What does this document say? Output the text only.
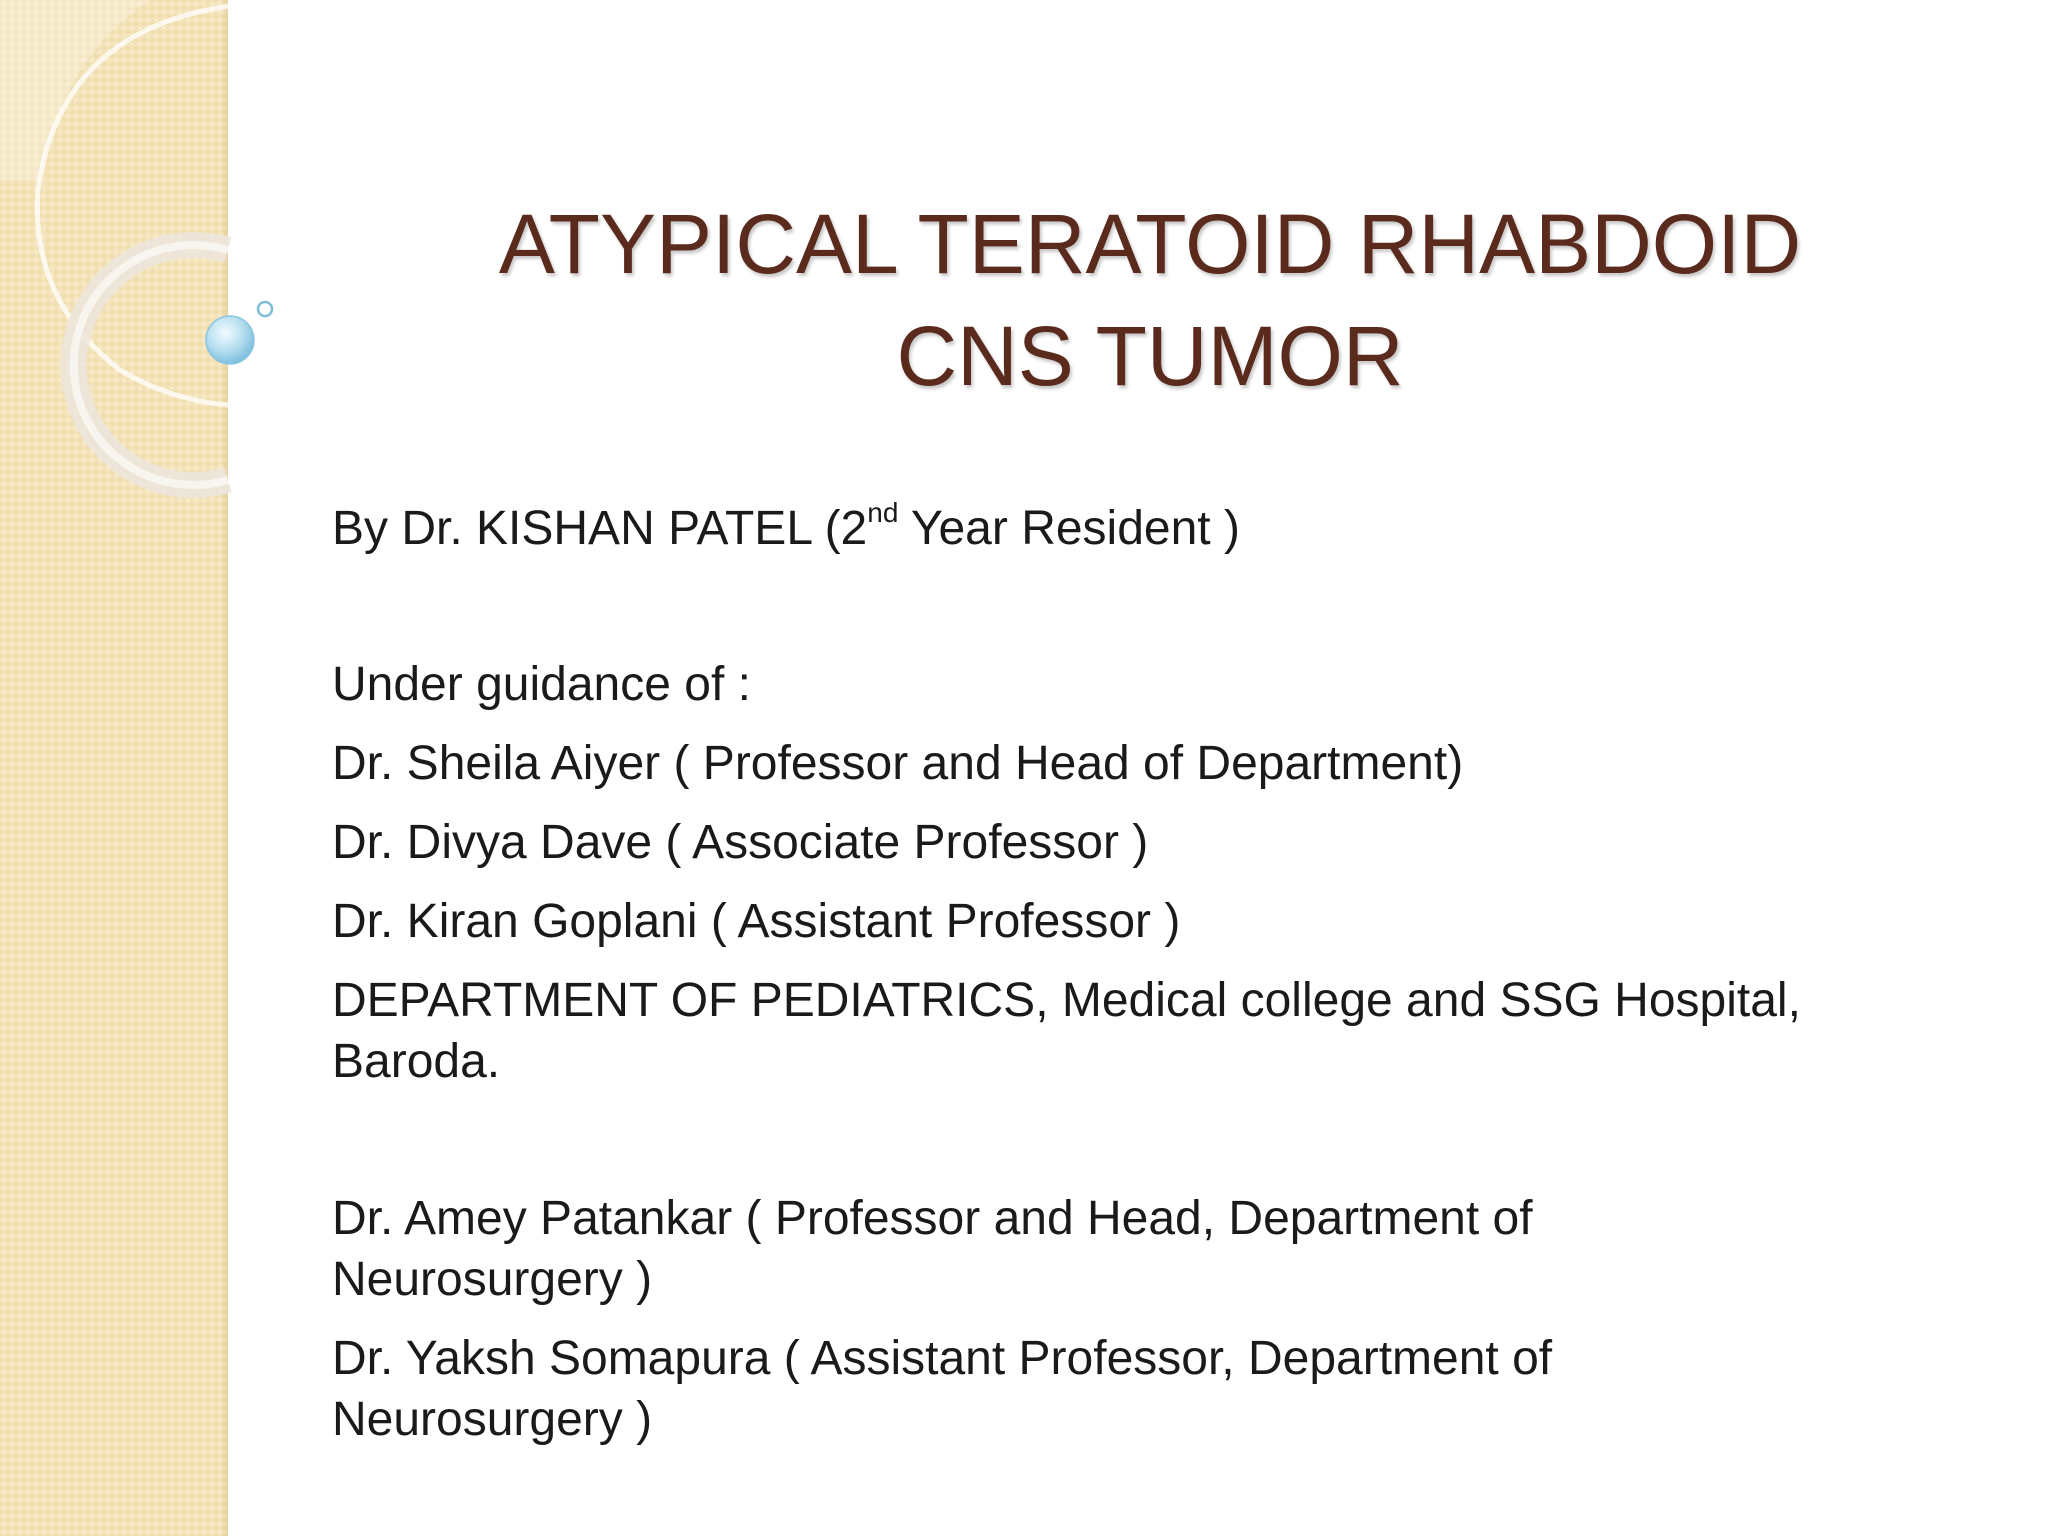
ATYPICAL TERATOID RHABDOID
CNS TUMOR
By Dr. KISHAN PATEL (2nd Year Resident )
Under guidance of :
Dr. Sheila Aiyer ( Professor and Head of Department)
Dr. Divya Dave ( Associate Professor )
Dr. Kiran Goplani ( Assistant Professor )
DEPARTMENT OF PEDIATRICS, Medical college and SSG Hospital,
Baroda.
Dr. Amey Patankar ( Professor and Head, Department of
Neurosurgery )
Dr. Yaksh Somapura ( Assistant Professor, Department of
Neurosurgery )
